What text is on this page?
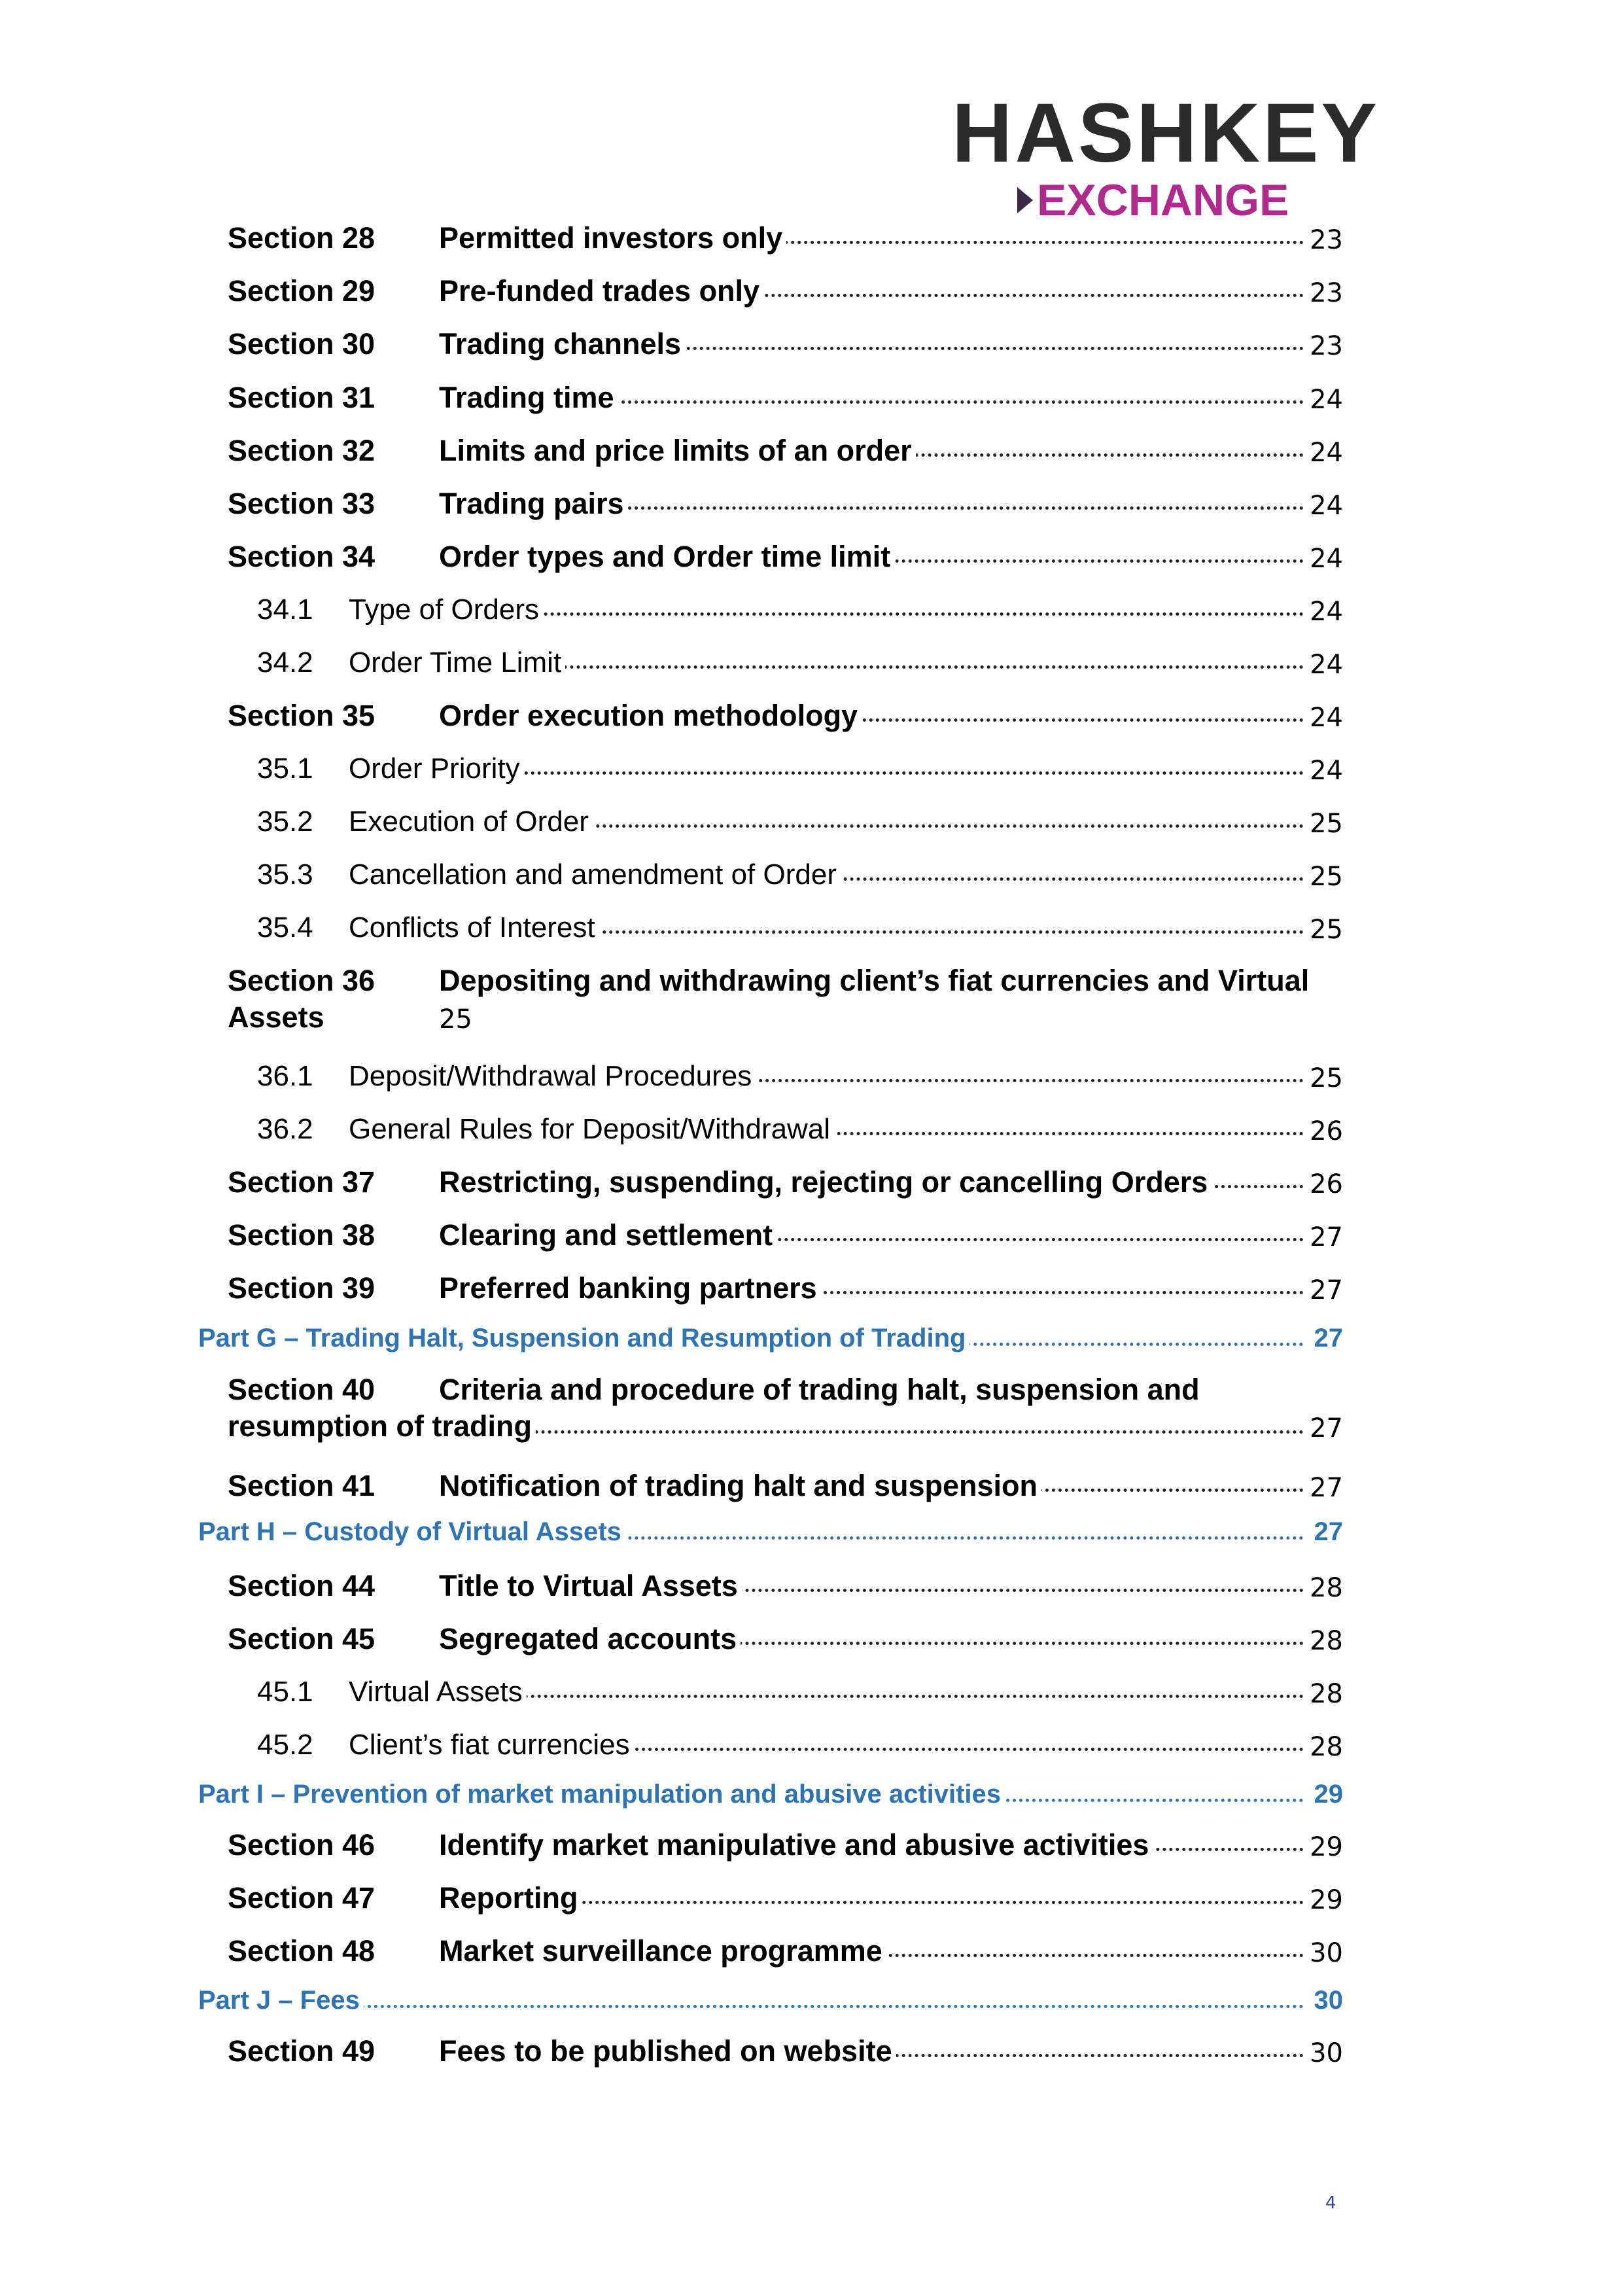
HASHKEY
EXCHANGE
Section 28 Permitted investors only	23
Section 29 Pre-funded trades only	23
Section 30 Trading channels	23
Section 31 Trading time	24
Section 32 Limits and price limits of an order	24
Section 33 Trading pairs	24
Section 34 Order types and Order time limit	24
34.1 Type of Orders	24
34.2 Order Time Limit	24
Section 35 Order execution methodology	24
35.1 Order Priority	24
35.2 Execution of Order	25
35.3 Cancellation and amendment of Order	25
35.4 Conflicts of Interest	25
Section 36 Depositing and withdrawing client’s fiat currencies and Virtual
Assets	25
36.1 Deposit/Withdrawal Procedures	25
36.2 General Rules for Deposit/Withdrawal	26
Section 37 Restricting, suspending, rejecting or cancelling Orders	26
Section 38 Clearing and settlement	27
Section 39 Preferred banking partners	27
Part G – Trading Halt, Suspension and Resumption of Trading	27
Section 40 Criteria and procedure of trading halt, suspension and
resumption of trading	27
Section 41 Notification of trading halt and suspension	27
Part H – Custody of Virtual Assets	27
Section 44 Title to Virtual Assets	28
Section 45 Segregated accounts	28
45.1 Virtual Assets	28
45.2 Client’s fiat currencies	28
Part I – Prevention of market manipulation and abusive activities	29
Section 46 Identify market manipulative and abusive activities	29
Section 47 Reporting	29
Section 48 Market surveillance programme	30
Part J – Fees	30
Section 49 Fees to be published on website	30
4
